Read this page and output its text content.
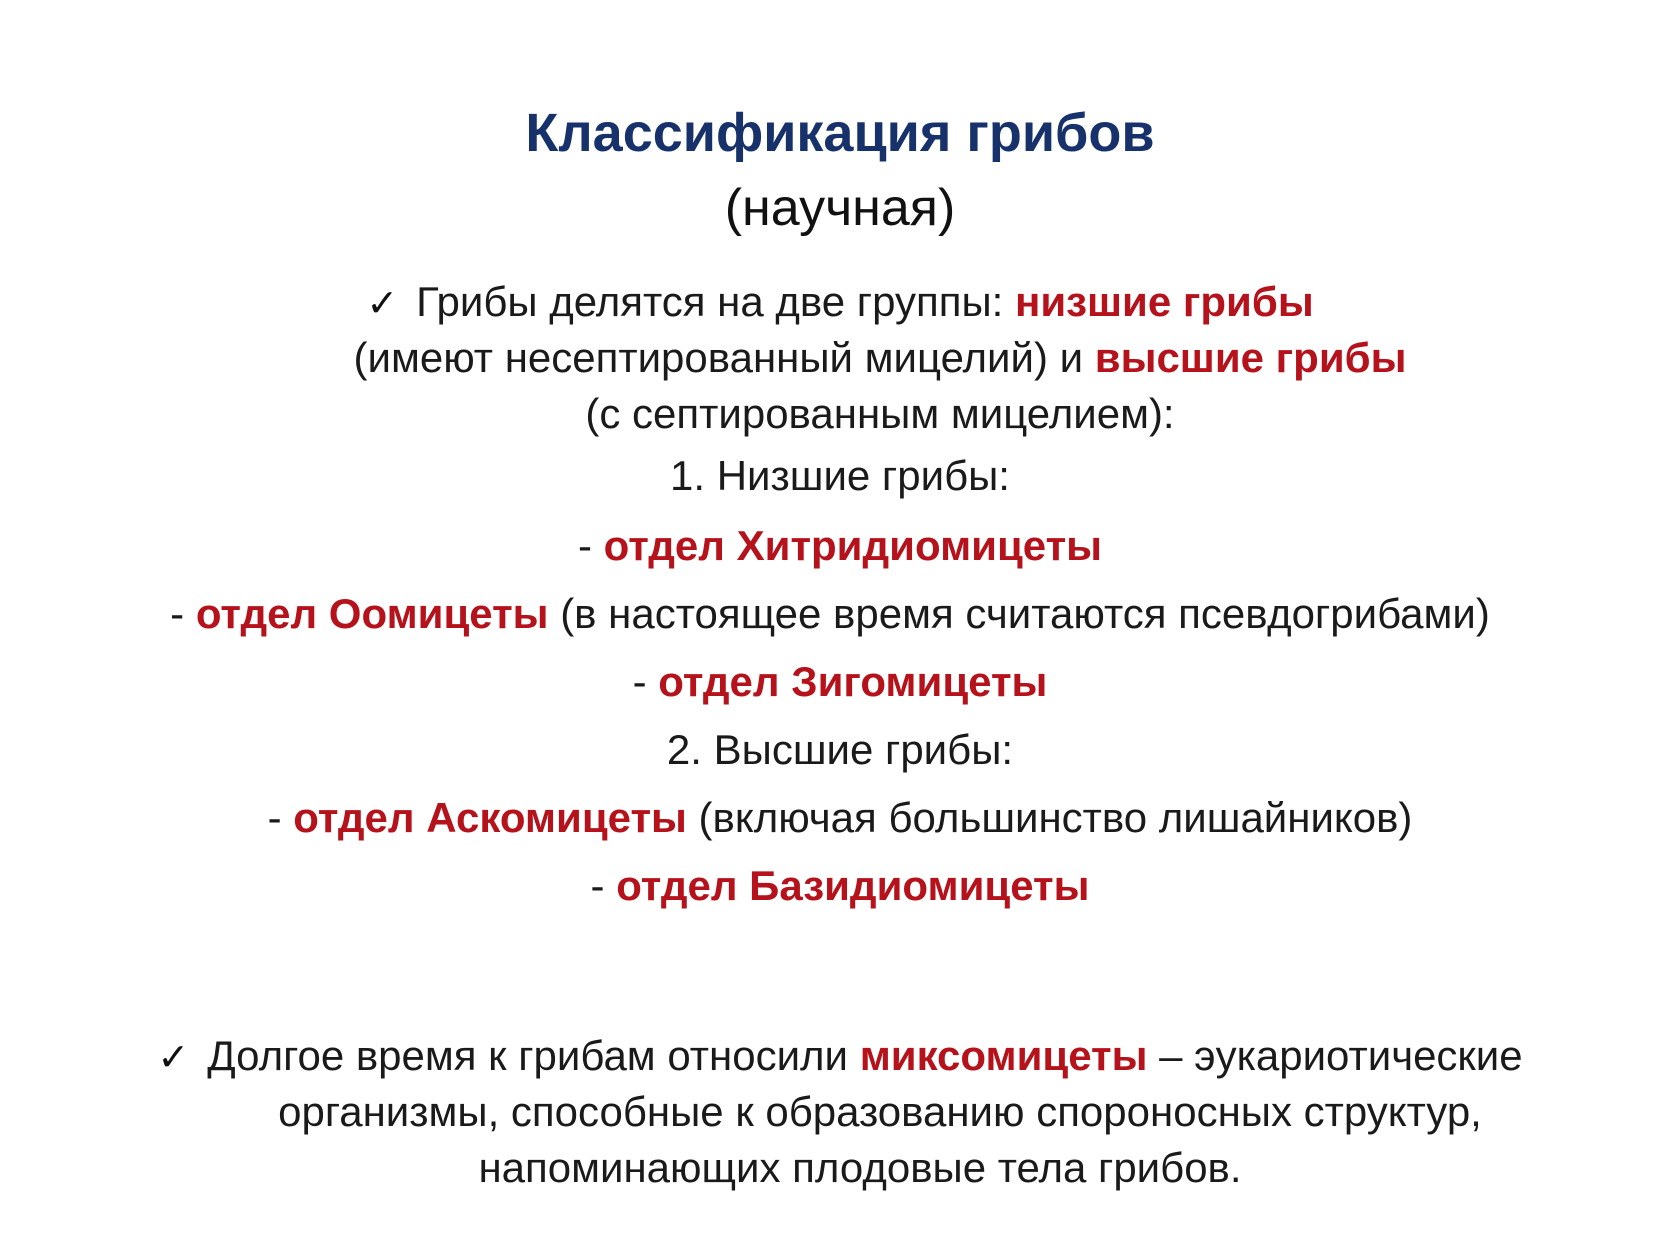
Классификация грибов
(научная)
✓ Грибы делятся на две группы: низшие грибы
(имеют несептированный мицелий) и высшие грибы
(с септированным мицелием):
1. Низшие грибы:
- отдел Хитридиомицеты
- отдел Оомицеты (в настоящее время считаются псевдогрибами)
- отдел Зигомицеты
2. Высшие грибы:
- отдел Аскомицеты (включая большинство лишайников)
- отдел Базидиомицеты
✓ Долгое время к грибам относили миксомицеты – эукариотические
организмы, способные к образованию спороносных структур,
напоминающих плодовые тела грибов.
